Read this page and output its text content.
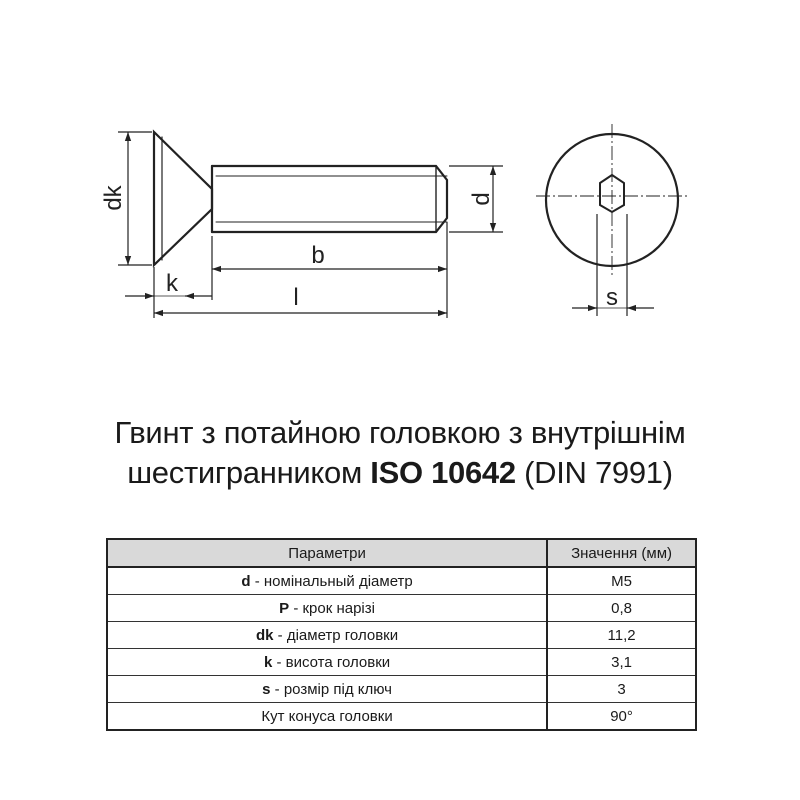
dk	d
b
k
l	s
Гвинт з потайною головкою з внутрішнім
шестигранником ISO 10642 (DIN 7991)
Параметри	Значення (мм)
d - номінальный діаметр	M5
P - крок нарізі	0,8
dk - діаметр головки	11,2
k - висота головки	3,1
s - розмір під ключ	3
Кут конуса головки	90°
